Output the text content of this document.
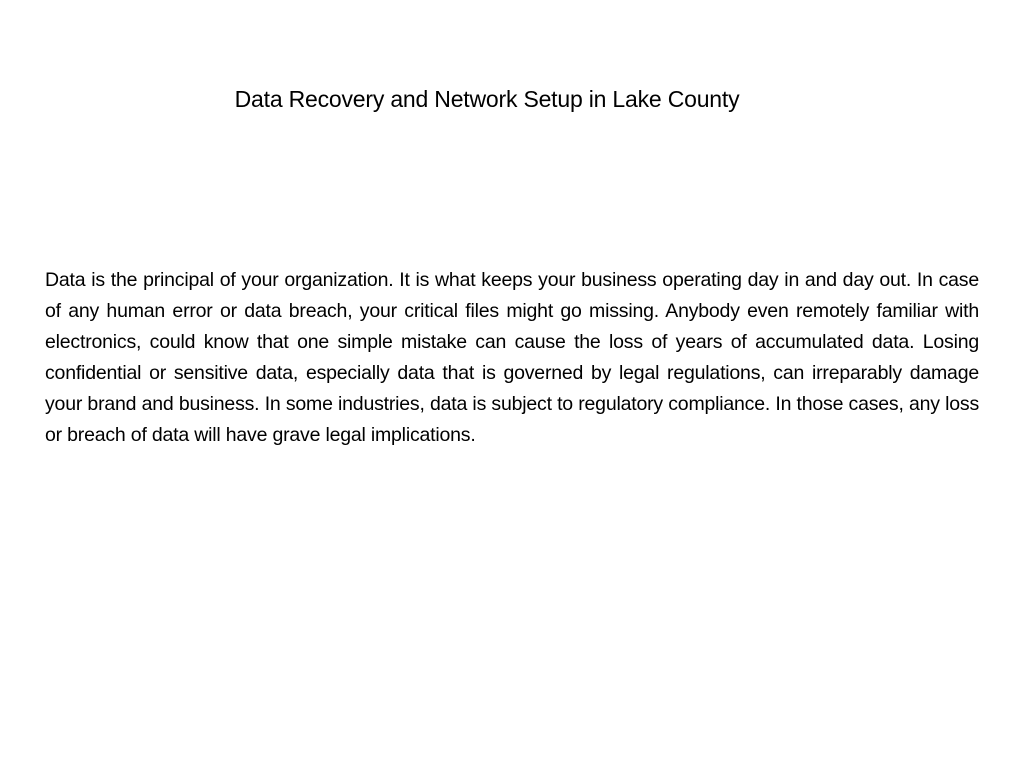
Data Recovery and Network Setup in Lake County
Data is the principal of your organization. It is what keeps your business operating day in and day out. In case of any human error or data breach, your critical files might go missing. Anybody even remotely familiar with electronics, could know that one simple mistake can cause the loss of years of accumulated data. Losing confidential or sensitive data, especially data that is governed by legal regulations, can irreparably damage your brand and business. In some industries, data is subject to regulatory compliance. In those cases, any loss or breach of data will have grave legal implications.
